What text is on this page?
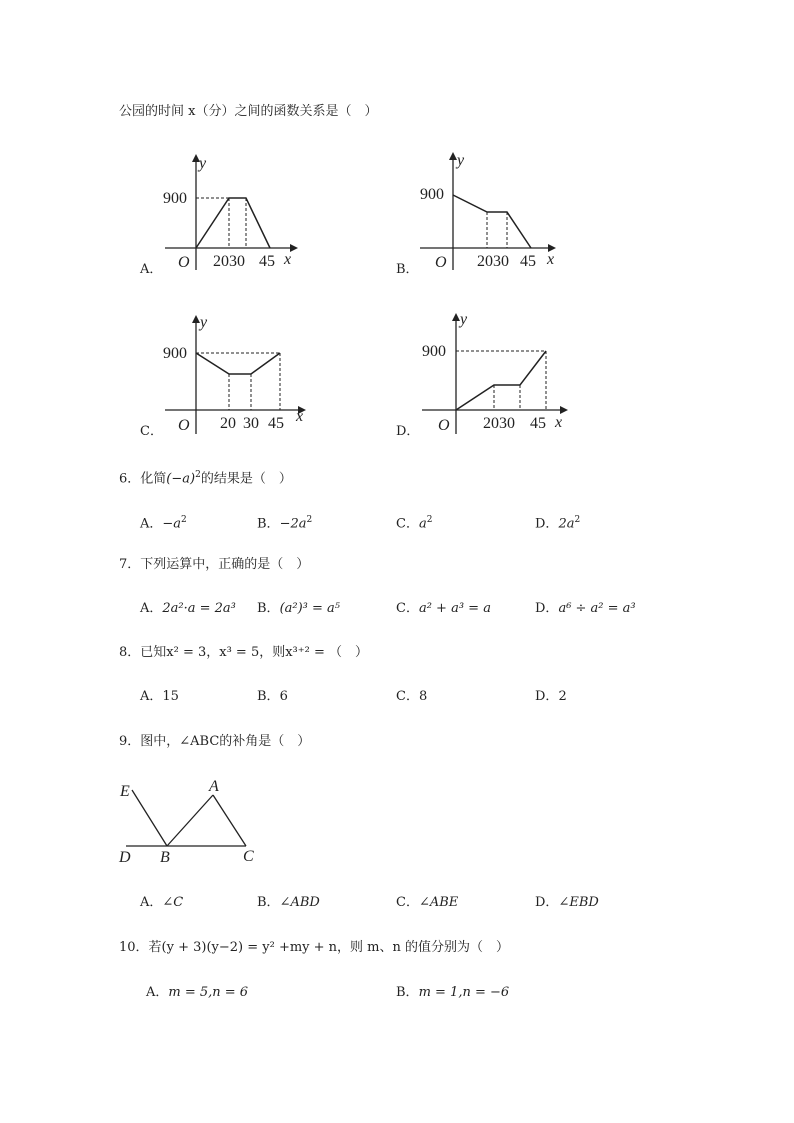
公园的时间 x（分）之间的函数关系是（　）
A．
900
O 2030 45 x
y
B．
900
O 2030 45 x
y
C．
900
O 20 30 45 x
y
D．
900
O 2030 45 x
y
6．化简$(-a)^2$的结果是（　）
A．$-a^2$	B．$-2a^2$	C．$a^2$	D．$2a^2$
7．下列运算中，正确的是（　）
A．2a²·a = 2a³ B．(a²)³ = a⁵	C．a² + a³ = a	D．a⁶ ÷ a² = a³
8．已知x² = 3，x³ = 5，则x³⁺² = （　）
A．15	B．6	C．8	D．2
9．图中，∠ABC的补角是（　）
E	A
D B	C
A．∠C	B．∠ABD	C．∠ABE	D．∠EBD
10．若(y + 3)(y−2) = y² +my + n，则 m、n 的值分别为（　）
A．m = 5,n = 6	B．m = 1,n = −6
